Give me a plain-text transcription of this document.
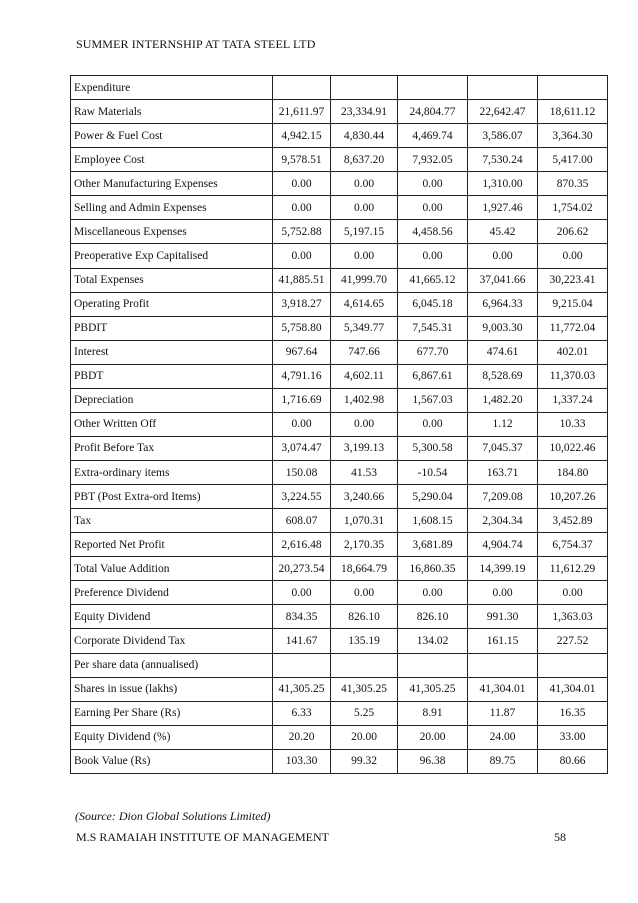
SUMMER INTERNSHIP AT TATA STEEL LTD
Expenditure					
Raw Materials	21,611.97	23,334.91	24,804.77	22,642.47	18,611.12
Power & Fuel Cost	4,942.15	4,830.44	4,469.74	3,586.07	3,364.30
Employee Cost	9,578.51	8,637.20	7,932.05	7,530.24	5,417.00
Other Manufacturing Expenses	0.00	0.00	0.00	1,310.00	870.35
Selling and Admin Expenses	0.00	0.00	0.00	1,927.46	1,754.02
Miscellaneous Expenses	5,752.88	5,197.15	4,458.56	45.42	206.62
Preoperative Exp Capitalised	0.00	0.00	0.00	0.00	0.00
Total Expenses	41,885.51	41,999.70	41,665.12	37,041.66	30,223.41
Operating Profit	3,918.27	4,614.65	6,045.18	6,964.33	9,215.04
PBDIT	5,758.80	5,349.77	7,545.31	9,003.30	11,772.04
Interest	967.64	747.66	677.70	474.61	402.01
PBDT	4,791.16	4,602.11	6,867.61	8,528.69	11,370.03
Depreciation	1,716.69	1,402.98	1,567.03	1,482.20	1,337.24
Other Written Off	0.00	0.00	0.00	1.12	10.33
Profit Before Tax	3,074.47	3,199.13	5,300.58	7,045.37	10,022.46
Extra-ordinary items	150.08	41.53	-10.54	163.71	184.80
PBT (Post Extra-ord Items)	3,224.55	3,240.66	5,290.04	7,209.08	10,207.26
Tax	608.07	1,070.31	1,608.15	2,304.34	3,452.89
Reported Net Profit	2,616.48	2,170.35	3,681.89	4,904.74	6,754.37
Total Value Addition	20,273.54	18,664.79	16,860.35	14,399.19	11,612.29
Preference Dividend	0.00	0.00	0.00	0.00	0.00
Equity Dividend	834.35	826.10	826.10	991.30	1,363.03
Corporate Dividend Tax	141.67	135.19	134.02	161.15	227.52
Per share data (annualised)					
Shares in issue (lakhs)	41,305.25	41,305.25	41,305.25	41,304.01	41,304.01
Earning Per Share (Rs)	6.33	5.25	8.91	11.87	16.35
Equity Dividend (%)	20.20	20.00	20.00	24.00	33.00
Book Value (Rs)	103.30	99.32	96.38	89.75	80.66
(Source: Dion Global Solutions Limited)
M.S RAMAIAH INSTITUTE OF MANAGEMENT	58
